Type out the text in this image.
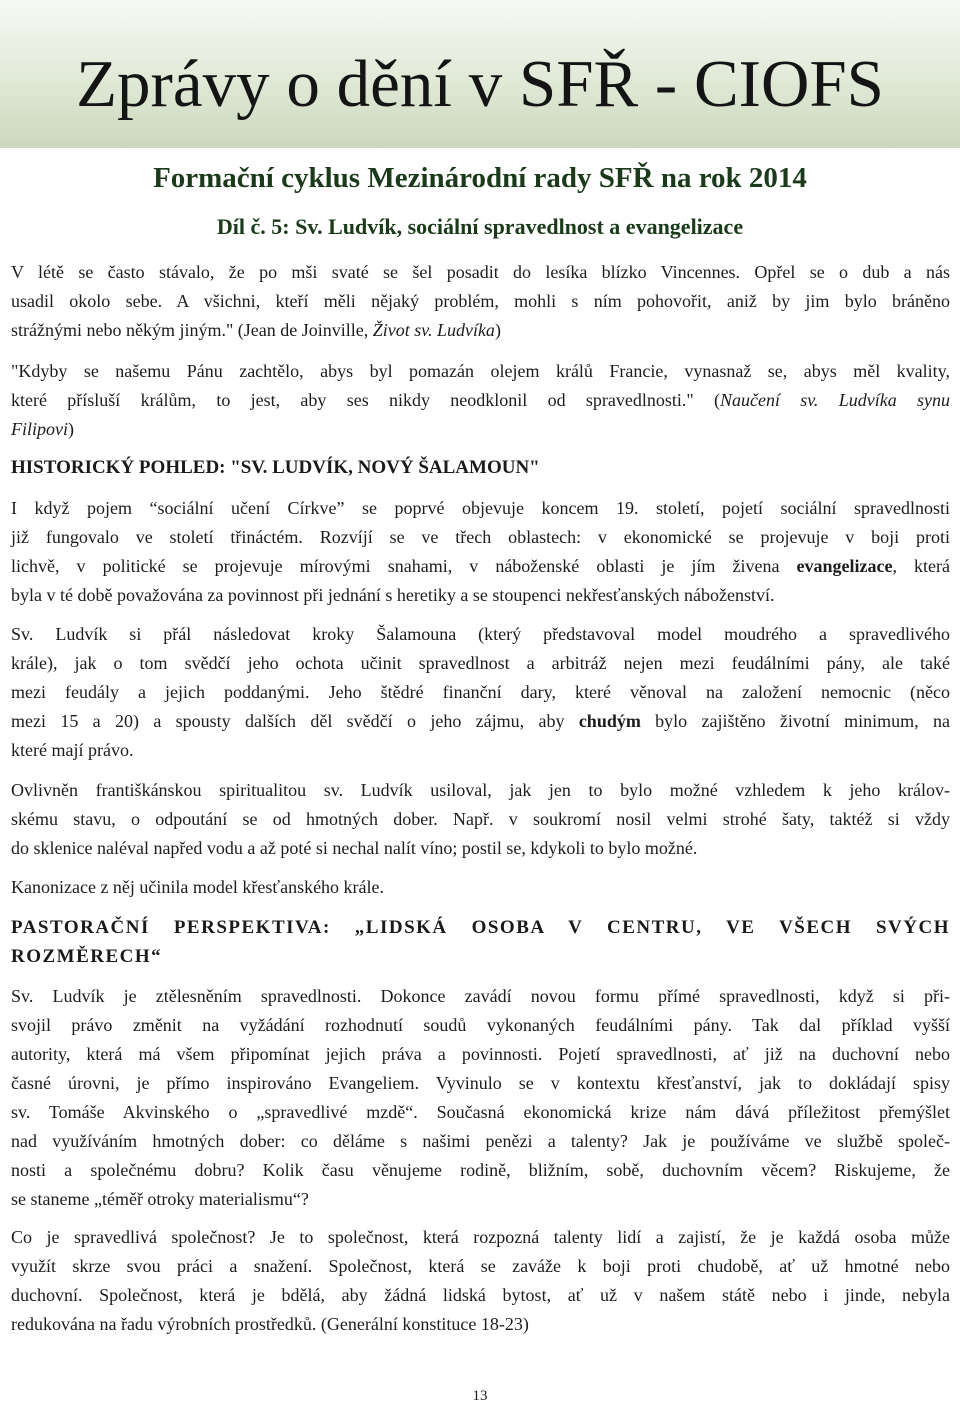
Zprávy o dění v SFŘ - CIOFS
Formační cyklus Mezinárodní rady SFŘ na rok 2014
Díl č. 5: Sv. Ludvík, sociální spravedlnost a evangelizace
V létě se často stávalo, že po mši svaté se šel posadit do lesíka blízko Vincennes. Opřel se o dub a nás
usadil okolo sebe. A všichni, kteří měli nějaký problém, mohli s ním pohovořit, aniž by jim bylo bráněno
strážnými nebo někým jiným." (Jean de Joinville, Život sv. Ludvíka)
"Kdyby se našemu Pánu zachtělo, abys byl pomazán olejem králů Francie, vynasnaž se, abys měl kvality,
které přísluší králům, to jest, aby ses nikdy neodklonil od spravedlnosti." (Naučení sv. Ludvíka synu
Filipovi)
HISTORICKÝ POHLED: "SV. LUDVÍK, NOVÝ ŠALAMOUN"
I když pojem “sociální učení Církve” se poprvé objevuje koncem 19. století, pojetí sociální spravedlnosti
již fungovalo ve století třináctém. Rozvíjí se ve třech oblastech: v ekonomické se projevuje v boji proti
lichvě, v politické se projevuje mírovými snahami, v náboženské oblasti je jím živena evangelizace, která
byla v té době považována za povinnost při jednání s heretiky a se stoupenci nekřesťanských náboženství.
Sv. Ludvík si přál následovat kroky Šalamouna (který představoval model moudrého a spravedlivého
krále), jak o tom svědčí jeho ochota učinit spravedlnost a arbitráž nejen mezi feudálními pány, ale také
mezi feudály a jejich poddanými. Jeho štědré finanční dary, které věnoval na založení nemocnic (něco
mezi 15 a 20) a spousty dalších děl svědčí o jeho zájmu, aby chudým bylo zajištěno životní minimum, na
které mají právo.
Ovlivněn františkánskou spiritualitou sv. Ludvík usiloval, jak jen to bylo možné vzhledem k jeho králov-
skému stavu, o odpoutání se od hmotných dober. Např. v soukromí nosil velmi strohé šaty, taktéž si vždy
do sklenice naléval napřed vodu a až poté si nechal nalít víno; postil se, kdykoli to bylo možné.
Kanonizace z něj učinila model křesťanského krále.
PASTORAČNÍ PERSPEKTIVA: „LIDSKÁ OSOBA V CENTRU, VE VŠECH SVÝCH
ROZMĚRECH“
Sv. Ludvík je ztělesněním spravedlnosti. Dokonce zavádí novou formu přímé spravedlnosti, když si při-
svojil právo změnit na vyžádání rozhodnutí soudů vykonaných feudálními pány. Tak dal příklad vyšší
autority, která má všem připomínat jejich práva a povinnosti. Pojetí spravedlnosti, ať již na duchovní nebo
časné úrovni, je přímo inspirováno Evangeliem. Vyvinulo se v kontextu křesťanství, jak to dokládají spisy
sv. Tomáše Akvinského o „spravedlivé mzdě“. Současná ekonomická krize nám dává příležitost přemýšlet
nad využíváním hmotných dober: co děláme s našimi penězi a talenty? Jak je používáme ve službě společ-
nosti a společnému dobru? Kolik času věnujeme rodině, bližním, sobě, duchovním věcem? Riskujeme, že
se staneme „téměř otroky materialismu“?
Co je spravedlivá společnost? Je to společnost, která rozpozná talenty lidí a zajistí, že je každá osoba může
využít skrze svou práci a snažení. Společnost, která se zaváže k boji proti chudobě, ať už hmotné nebo
duchovní. Společnost, která je bdělá, aby žádná lidská bytost, ať už v našem státě nebo i jinde, nebyla
redukována na řadu výrobních prostředků. (Generální konstituce 18-23)
13
